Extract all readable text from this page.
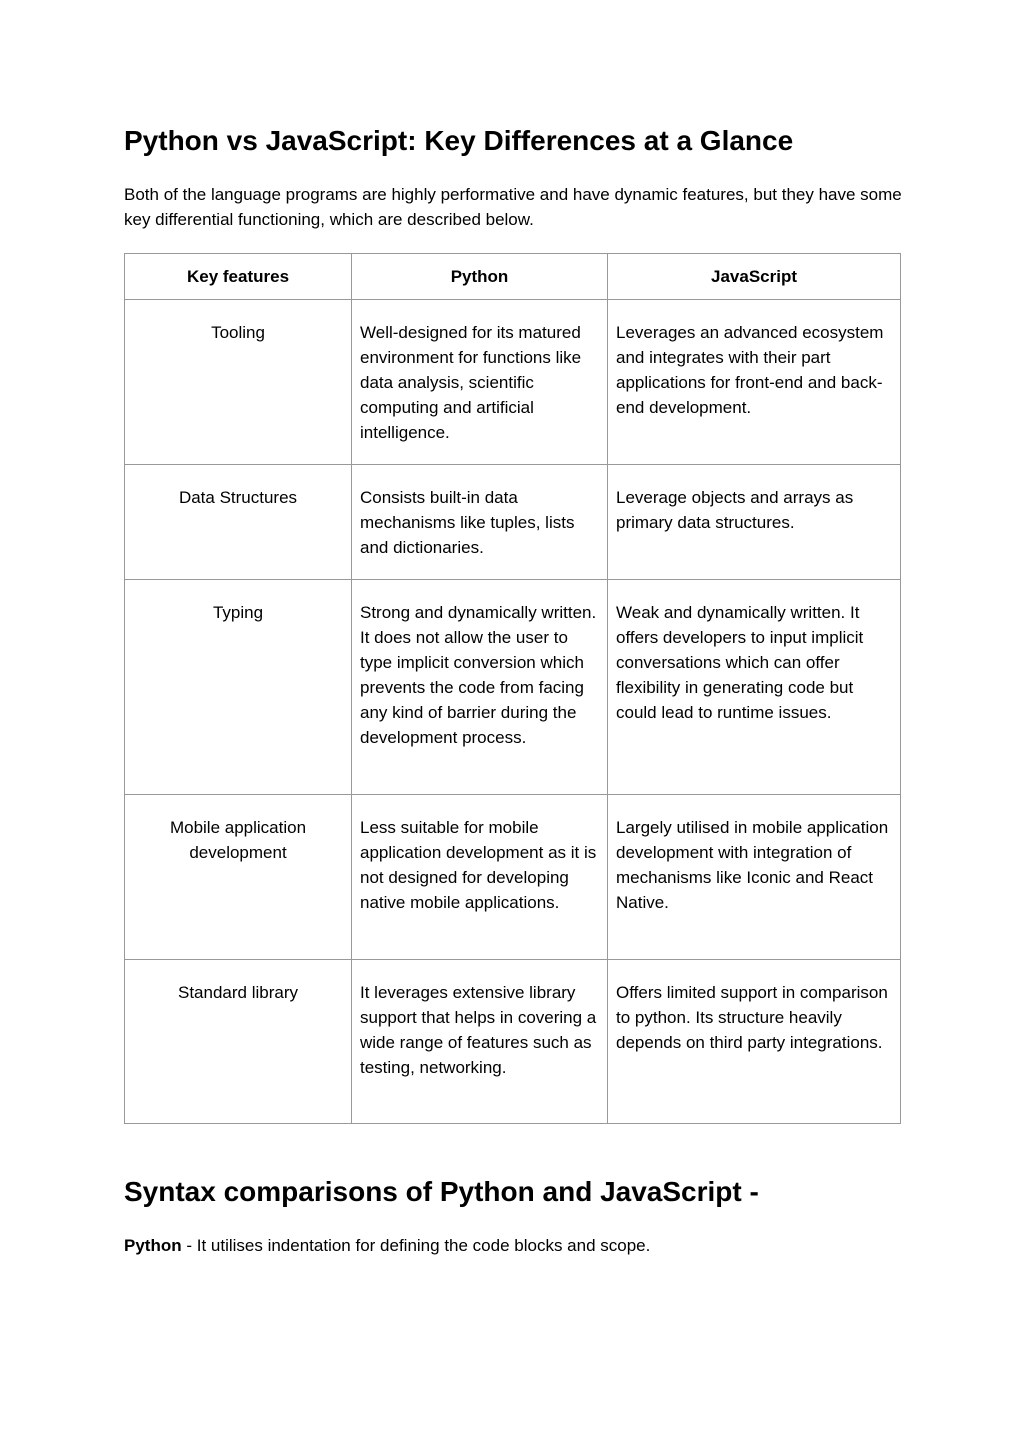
Python vs JavaScript: Key Differences at a Glance

Both of the language programs are highly performative and have dynamic features, but they have some key differential functioning, which are described below.

Key features	Python	JavaScript
Tooling	Well-designed for its matured environment for functions like data analysis, scientific computing and artificial intelligence.	Leverages an advanced ecosystem and integrates with their part applications for front-end and back-end development.
Data Structures	Consists built-in data mechanisms like tuples, lists and dictionaries.	Leverage objects and arrays as primary data structures.
Typing	Strong and dynamically written. It does not allow the user to type implicit conversion which prevents the code from facing any kind of barrier during the development process.	Weak and dynamically written. It offers developers to input implicit conversations which can offer flexibility in generating code but could lead to runtime issues.
Mobile application development	Less suitable for mobile application development as it is not designed for developing native mobile applications.	Largely utilised in mobile application development with integration of mechanisms like Iconic and React Native.
Standard library	It leverages extensive library support that helps in covering a wide range of features such as testing, networking.	Offers limited support in comparison to python. Its structure heavily depends on third party integrations.
Syntax comparisons of Python and JavaScript -

Python - It utilises indentation for defining the code blocks and scope.
